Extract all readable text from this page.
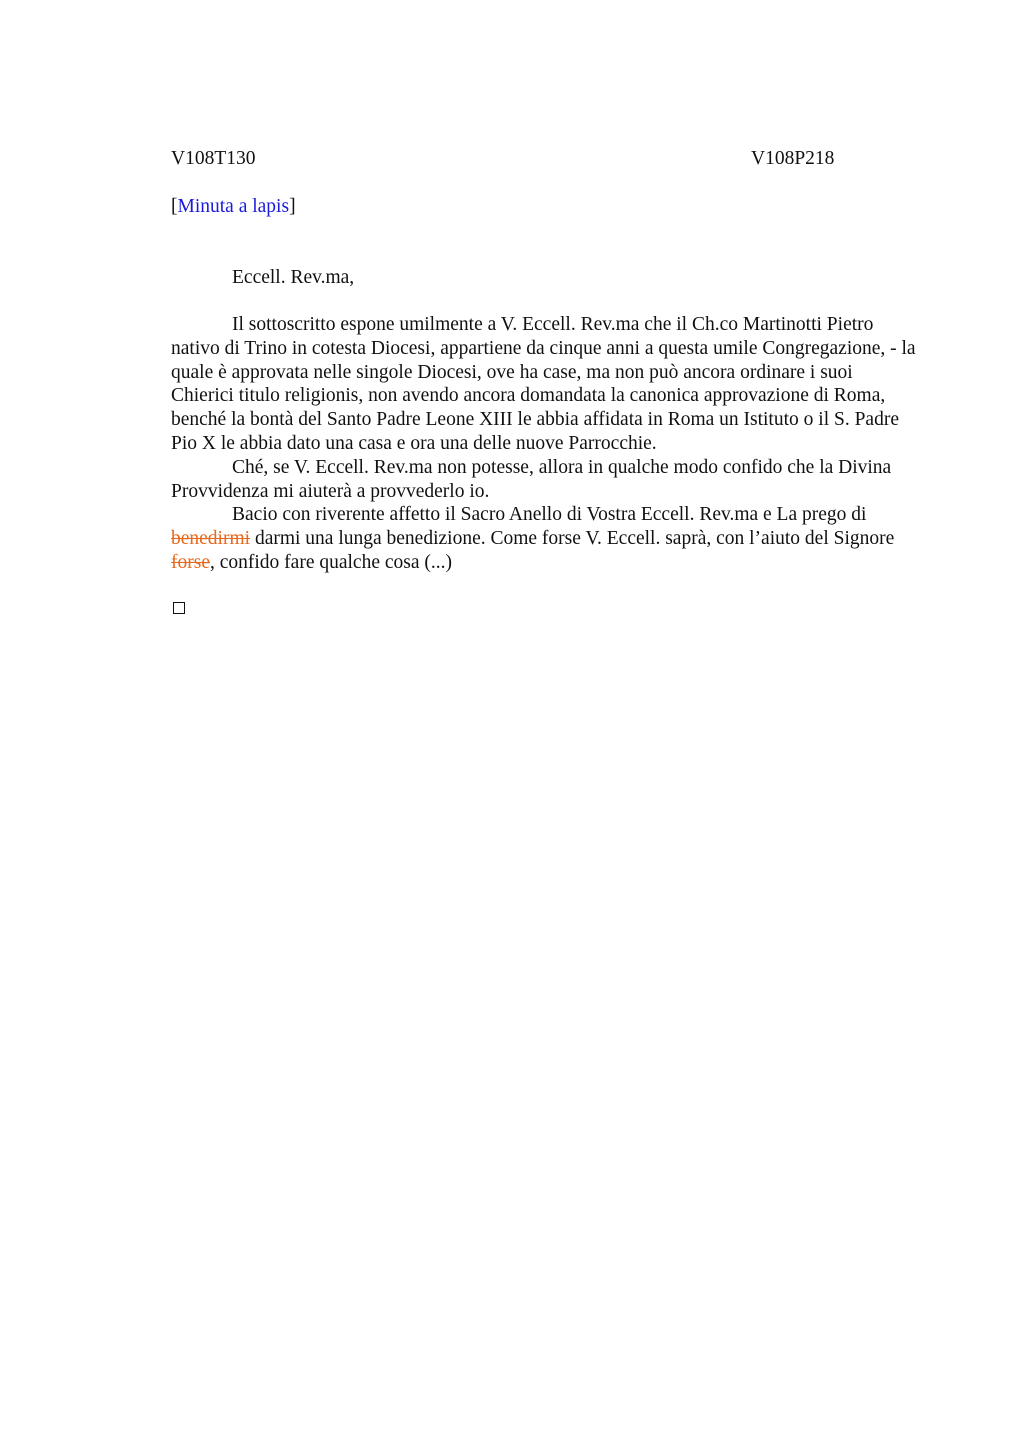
V108T130	V108P218
[Minuta a lapis]
Eccell. Rev.ma,

Il sottoscritto espone umilmente a V. Eccell. Rev.ma che il Ch.co Martinotti Pietro nativo di Trino in cotesta Diocesi, appartiene da cinque anni a questa umile Congregazione, - la quale è approvata nelle singole Diocesi, ove ha case, ma non può ancora ordinare i suoi Chierici titulo religionis, non avendo ancora domandata la canonica approvazione di Roma, benché la bontà del Santo Padre Leone XIII le abbia affidata in Roma un Istituto o il S. Padre Pio X le abbia dato una casa e ora una delle nuove Parrocchie.

Ché, se V. Eccell. Rev.ma non potesse, allora in qualche modo confido che la Divina Provvidenza mi aiuterà a provvederlo io.

Bacio con riverente affetto il Sacro Anello di Vostra Eccell. Rev.ma e La prego di benedirmi darmi una lunga benedizione. Come forse V. Eccell. saprà, con l’aiuto del Signore forse, confido fare qualche cosa (...)
